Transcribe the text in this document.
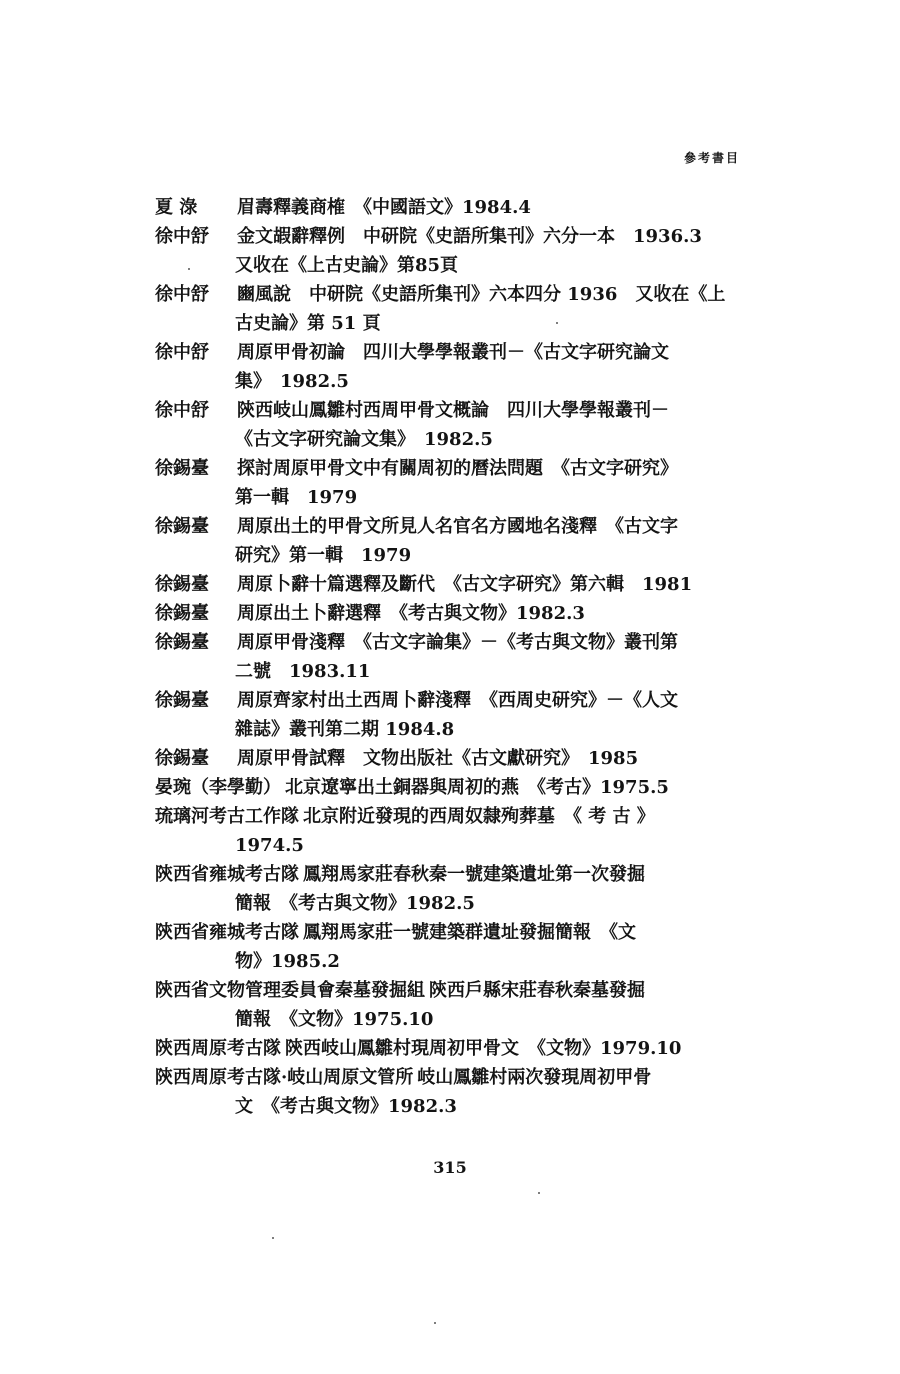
參考書目
夏 淥 眉壽釋義商榷　《中國語文》1984.4
徐中舒 金文嘏辭釋例　中研院《史語所集刊》六分一本　1936.3
又收在《上古史論》第85頁
徐中舒 豳風說　中研院《史語所集刊》六本四分 1936　又收在《上
古史論》第 51 頁
徐中舒 周原甲骨初論　四川大學學報叢刊－《古文字研究論文
集》　1982.5
徐中舒 陝西岐山鳳雛村西周甲骨文概論　四川大學學報叢刊－
《古文字研究論文集》　1982.5
徐錫臺 探討周原甲骨文中有關周初的曆法問題　《古文字研究》
第一輯　1979
徐錫臺 周原出土的甲骨文所見人名官名方國地名淺釋　《古文字
研究》第一輯　1979
徐錫臺 周原卜辭十篇選釋及斷代　《古文字研究》第六輯　1981
徐錫臺 周原出土卜辭選釋　《考古與文物》1982.3
徐錫臺 周原甲骨淺釋　《古文字論集》－《考古與文物》叢刊第
二號　1983.11
徐錫臺 周原齊家村出土西周卜辭淺釋　《西周史研究》－《人文
雜誌》叢刊第二期 1984.8
徐錫臺 周原甲骨試釋　文物出版社《古文獻研究》　1985
晏琬（李學勤） 北京遼寧出土銅器與周初的燕　《考古》1975.5
琉璃河考古工作隊 北京附近發現的西周奴隸殉葬墓　《 考 古 》
1974.5
陝西省雍城考古隊 鳳翔馬家莊春秋秦一號建築遺址第一次發掘
簡報　《考古與文物》1982.5
陝西省雍城考古隊 鳳翔馬家莊一號建築群遺址發掘簡報　《文
物》1985.2
陝西省文物管理委員會秦墓發掘組 陝西戶縣宋莊春秋秦墓發掘
簡報　《文物》1975.10
陝西周原考古隊 陝西岐山鳳雛村現周初甲骨文　《文物》1979.10
陝西周原考古隊·岐山周原文管所 岐山鳳雛村兩次發現周初甲骨
文　《考古與文物》1982.3
315
